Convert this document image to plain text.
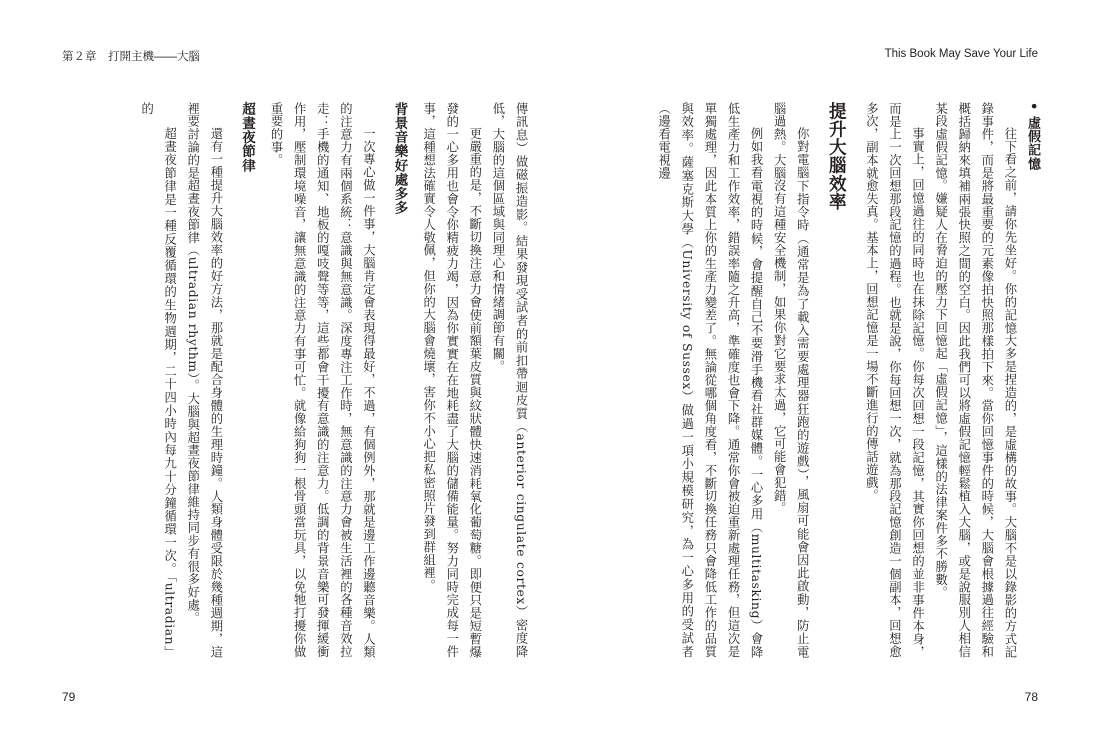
第２章　打開主機——大腦	This Book May Save Your Life
• 虛假記憶

往下看之前，請你先坐好。你的記憶大多是捏造的，是虛構的故事。大腦不是以錄影的方式記錄事件，而是將最重要的元素像拍快照那樣拍下來。當你回憶事件的時候，大腦會根據過往經驗和概括歸納來填補兩張快照之間的空白。因此我們可以將虛假記憶輕鬆植入大腦，或是說服別人相信某段虛假記憶。嫌疑人在脅迫的壓力下回憶起「虛假記憶」，這樣的法律案件多不勝數。

事實上，回憶過往的同時也在抹除記憶。你每次回想一段記憶，其實你回想的並非事件本身，而是上一次回想那段記憶的過程。也就是說，你每回想一次，就為那段記憶創造一個副本，回想愈多次，副本就愈失真。基本上，回想記憶是一場不斷進行的傳話遊戲。

提升大腦效率

你對電腦下指令時（通常是為了載入需要處理器狂跑的遊戲），風扇可能會因此啟動，防止電腦過熱。大腦沒有這種安全機制，如果你對它要求太過，它可能會犯錯。

例如我看電視的時候，會提醒自己不要滑手機看社群媒體。一心多用（multitasking）會降低生產力和工作效率，錯誤率隨之升高，準確度也會下降。通常你會被迫重新處理任務，但這次是單獨處理，因此本質上你的生產力變差了。無論從哪個角度看，不斷切換任務只會降低工作的品質與效率。薩塞克斯大學（University of Sussex）做過一項小規模研究，為一心多用的受試者（邊看電視邊

傳訊息）做磁振造影。結果發現受試者的前扣帶迴皮質（anterior cingulate cortex）密度降低，大腦的這個區域與同理心和情緒調節有關。

更嚴重的是，不斷切換注意力會使前額葉皮質與紋狀體快速消耗氧化葡萄糖。即便只是短暫爆發的一心多用也會令你精疲力竭，因為你實實在在地耗盡了大腦的儲備能量。努力同時完成每一件事，這種想法確實令人敬佩，但你的大腦會燒壞，害你不小心把私密照片發到群組裡。

背景音樂好處多多

一次專心做一件事，大腦肯定會表現得最好，不過，有個例外，那就是邊工作邊聽音樂。人類的注意力有兩個系統：意識與無意識。深度專注工作時，無意識的注意力會被生活裡的各種音效拉走：手機的通知、地板的嘎吱聲等等，這些都會干擾有意識的注意力。低調的背景音樂可發揮緩衝作用，壓制環境噪音，讓無意識的注意力有事可忙。就像給狗狗一根骨頭當玩具，以免牠打擾你做重要的事。

超晝夜節律

還有一種提升大腦效率的好方法，那就是配合身體的生理時鐘。人類身體受限於幾種週期，這裡要討論的是超晝夜節律（ultradian rhythm）。大腦與超晝夜節律維持同步有很多好處。

超晝夜節律是一種反覆循環的生物週期，二十四小時內每九十分鐘循環一次。「ultradian」的

79	78
